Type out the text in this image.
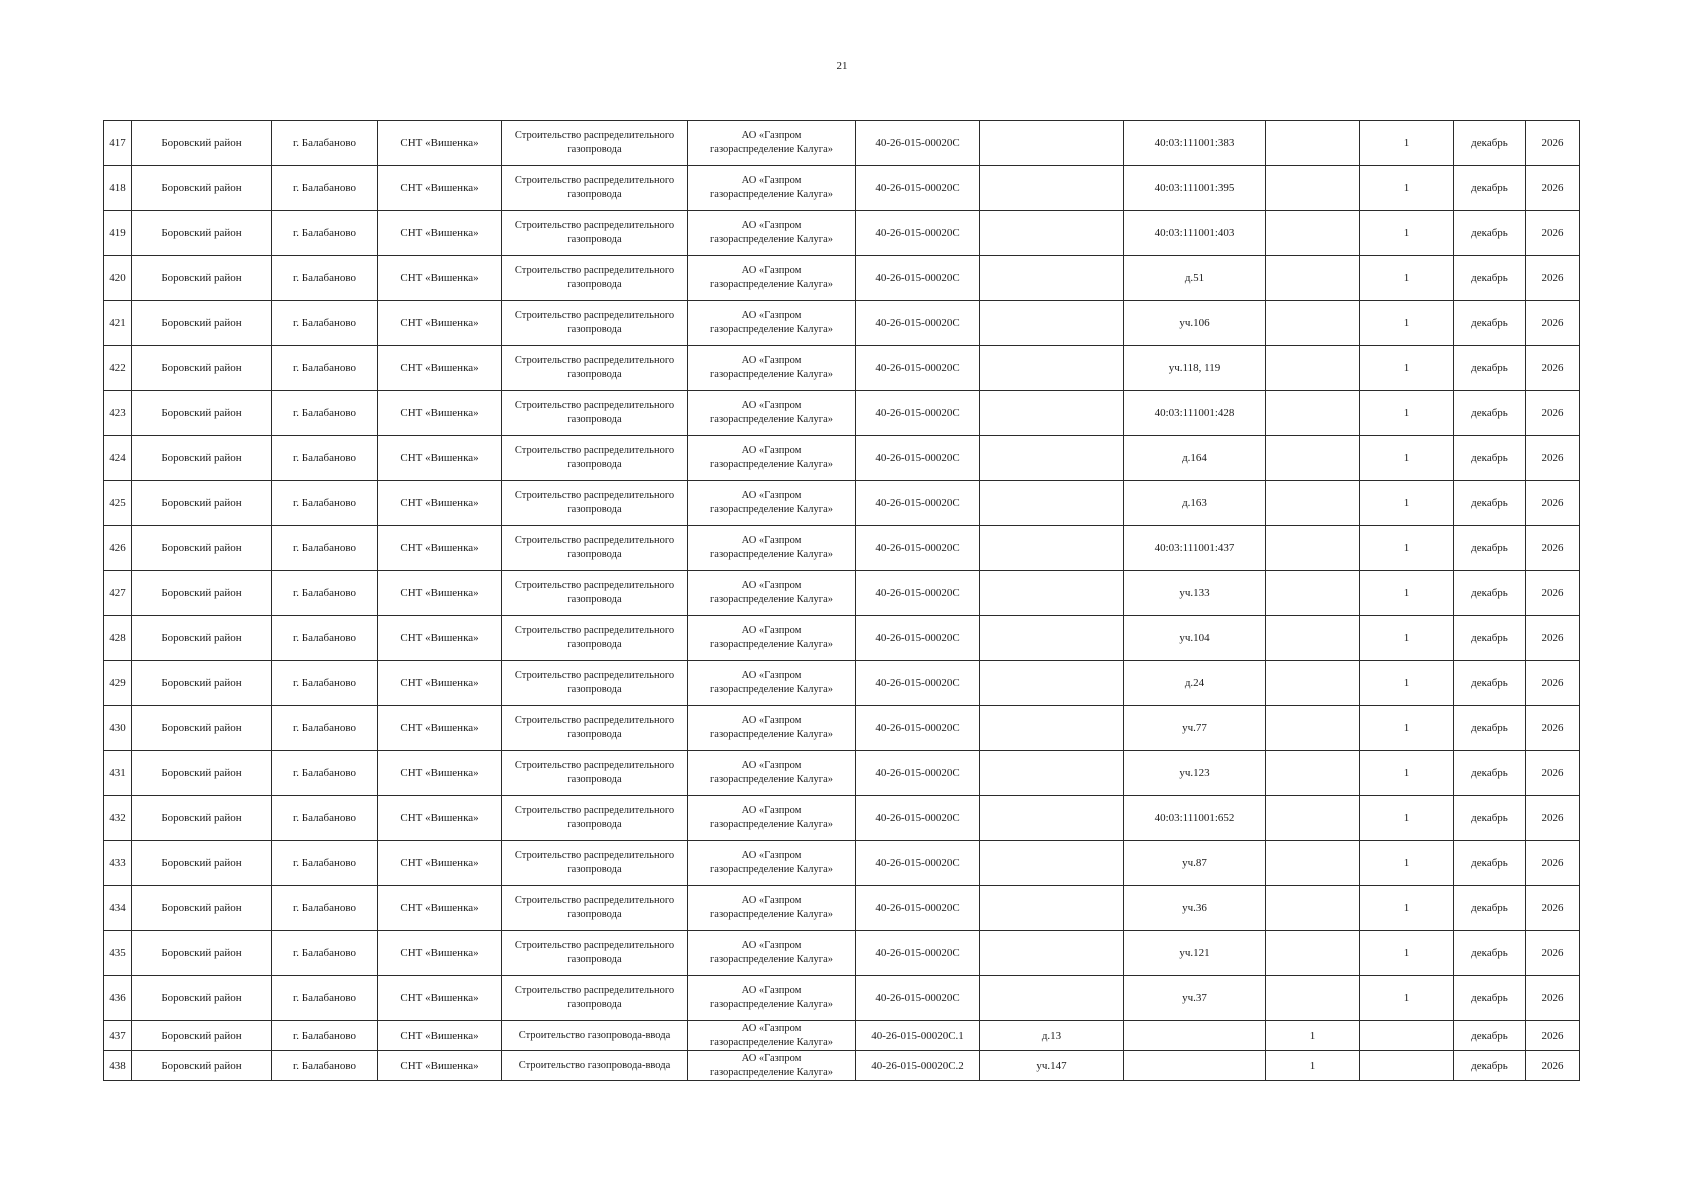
21
417	Боровский район	г. Балабаново	СНТ «Вишенка»	Строительство распределительного газопровода	АО «Газпром
газораспределение Калуга»	40-26-015-00020С		40:03:111001:383		1	декабрь	2026
418	Боровский район	г. Балабаново	СНТ «Вишенка»	Строительство распределительного газопровода	АО «Газпром
газораспределение Калуга»	40-26-015-00020С		40:03:111001:395		1	декабрь	2026
419	Боровский район	г. Балабаново	СНТ «Вишенка»	Строительство распределительного газопровода	АО «Газпром
газораспределение Калуга»	40-26-015-00020С		40:03:111001:403		1	декабрь	2026
420	Боровский район	г. Балабаново	СНТ «Вишенка»	Строительство распределительного газопровода	АО «Газпром
газораспределение Калуга»	40-26-015-00020С		д.51		1	декабрь	2026
421	Боровский район	г. Балабаново	СНТ «Вишенка»	Строительство распределительного газопровода	АО «Газпром
газораспределение Калуга»	40-26-015-00020С		уч.106		1	декабрь	2026
422	Боровский район	г. Балабаново	СНТ «Вишенка»	Строительство распределительного газопровода	АО «Газпром
газораспределение Калуга»	40-26-015-00020С		уч.118, 119		1	декабрь	2026
423	Боровский район	г. Балабаново	СНТ «Вишенка»	Строительство распределительного газопровода	АО «Газпром
газораспределение Калуга»	40-26-015-00020С		40:03:111001:428		1	декабрь	2026
424	Боровский район	г. Балабаново	СНТ «Вишенка»	Строительство распределительного газопровода	АО «Газпром
газораспределение Калуга»	40-26-015-00020С		д.164		1	декабрь	2026
425	Боровский район	г. Балабаново	СНТ «Вишенка»	Строительство распределительного газопровода	АО «Газпром
газораспределение Калуга»	40-26-015-00020С		д.163		1	декабрь	2026
426	Боровский район	г. Балабаново	СНТ «Вишенка»	Строительство распределительного газопровода	АО «Газпром
газораспределение Калуга»	40-26-015-00020С		40:03:111001:437		1	декабрь	2026
427	Боровский район	г. Балабаново	СНТ «Вишенка»	Строительство распределительного газопровода	АО «Газпром
газораспределение Калуга»	40-26-015-00020С		уч.133		1	декабрь	2026
428	Боровский район	г. Балабаново	СНТ «Вишенка»	Строительство распределительного газопровода	АО «Газпром
газораспределение Калуга»	40-26-015-00020С		уч.104		1	декабрь	2026
429	Боровский район	г. Балабаново	СНТ «Вишенка»	Строительство распределительного газопровода	АО «Газпром
газораспределение Калуга»	40-26-015-00020С		д.24		1	декабрь	2026
430	Боровский район	г. Балабаново	СНТ «Вишенка»	Строительство распределительного газопровода	АО «Газпром
газораспределение Калуга»	40-26-015-00020С		уч.77		1	декабрь	2026
431	Боровский район	г. Балабаново	СНТ «Вишенка»	Строительство распределительного газопровода	АО «Газпром
газораспределение Калуга»	40-26-015-00020С		уч.123		1	декабрь	2026
432	Боровский район	г. Балабаново	СНТ «Вишенка»	Строительство распределительного газопровода	АО «Газпром
газораспределение Калуга»	40-26-015-00020С		40:03:111001:652		1	декабрь	2026
433	Боровский район	г. Балабаново	СНТ «Вишенка»	Строительство распределительного газопровода	АО «Газпром
газораспределение Калуга»	40-26-015-00020С		уч.87		1	декабрь	2026
434	Боровский район	г. Балабаново	СНТ «Вишенка»	Строительство распределительного газопровода	АО «Газпром
газораспределение Калуга»	40-26-015-00020С		уч.36		1	декабрь	2026
435	Боровский район	г. Балабаново	СНТ «Вишенка»	Строительство распределительного газопровода	АО «Газпром
газораспределение Калуга»	40-26-015-00020С		уч.121		1	декабрь	2026
436	Боровский район	г. Балабаново	СНТ «Вишенка»	Строительство распределительного газопровода	АО «Газпром
газораспределение Калуга»	40-26-015-00020С		уч.37		1	декабрь	2026
437	Боровский район	г. Балабаново	СНТ «Вишенка»	Строительство газопровода-ввода	АО «Газпром
газораспределение Калуга»	40-26-015-00020С.1	д.13		1		декабрь	2026
438	Боровский район	г. Балабаново	СНТ «Вишенка»	Строительство газопровода-ввода	АО «Газпром
газораспределение Калуга»	40-26-015-00020С.2	уч.147		1		декабрь	2026
